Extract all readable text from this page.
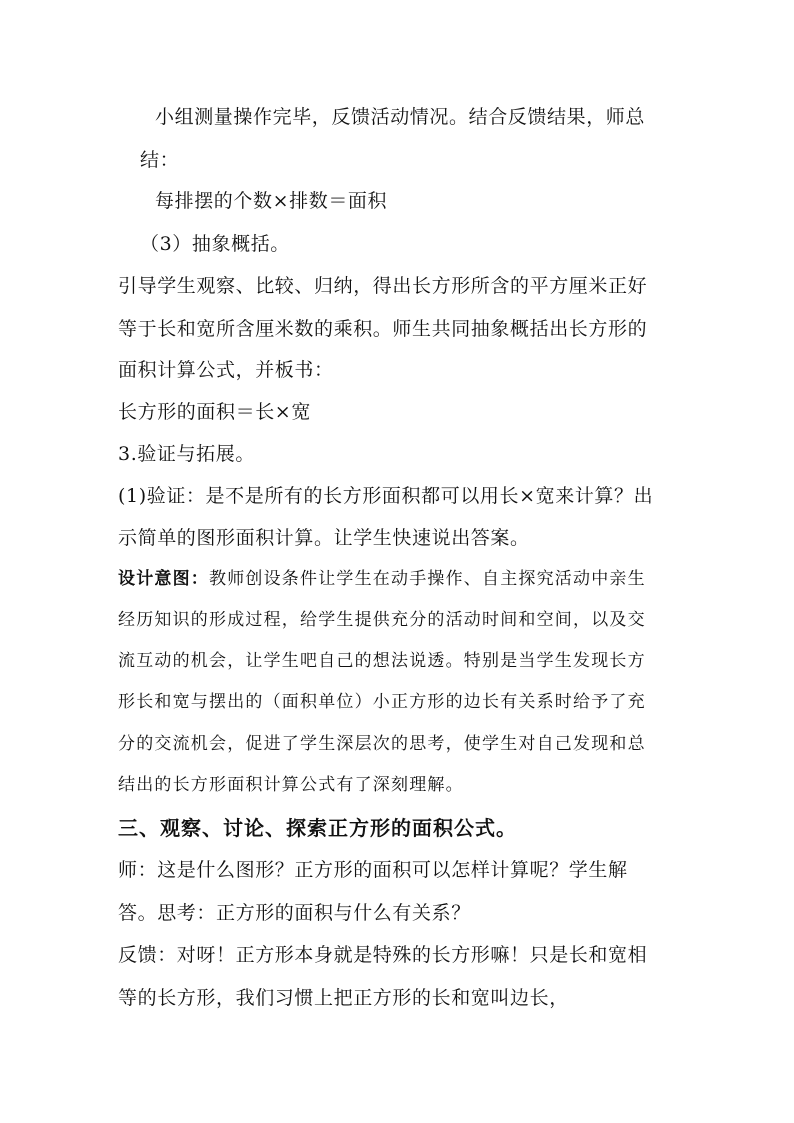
小组测量操作完毕，反馈活动情况。结合反馈结果，师总
结：
每排摆的个数×排数＝面积
（3）抽象概括。
引导学生观察、比较、归纳，得出长方形所含的平方厘米正好
等于长和宽所含厘米数的乘积。师生共同抽象概括出长方形的
面积计算公式，并板书：
长方形的面积＝长×宽
3.验证与拓展。
(1)验证：是不是所有的长方形面积都可以用长×宽来计算？出
示简单的图形面积计算。让学生快速说出答案。
设计意图：教师创设条件让学生在动手操作、自主探究活动中亲生
经历知识的形成过程，给学生提供充分的活动时间和空间，以及交
流互动的机会，让学生吧自己的想法说透。特别是当学生发现长方
形长和宽与摆出的（面积单位）小正方形的边长有关系时给予了充
分的交流机会，促进了学生深层次的思考，使学生对自己发现和总
结出的长方形面积计算公式有了深刻理解。
三、观察、讨论、探索正方形的面积公式。
师：这是什么图形？正方形的面积可以怎样计算呢？学生解
答。思考：正方形的面积与什么有关系？
反馈：对呀！正方形本身就是特殊的长方形嘛！只是长和宽相
等的长方形，我们习惯上把正方形的长和宽叫边长，
